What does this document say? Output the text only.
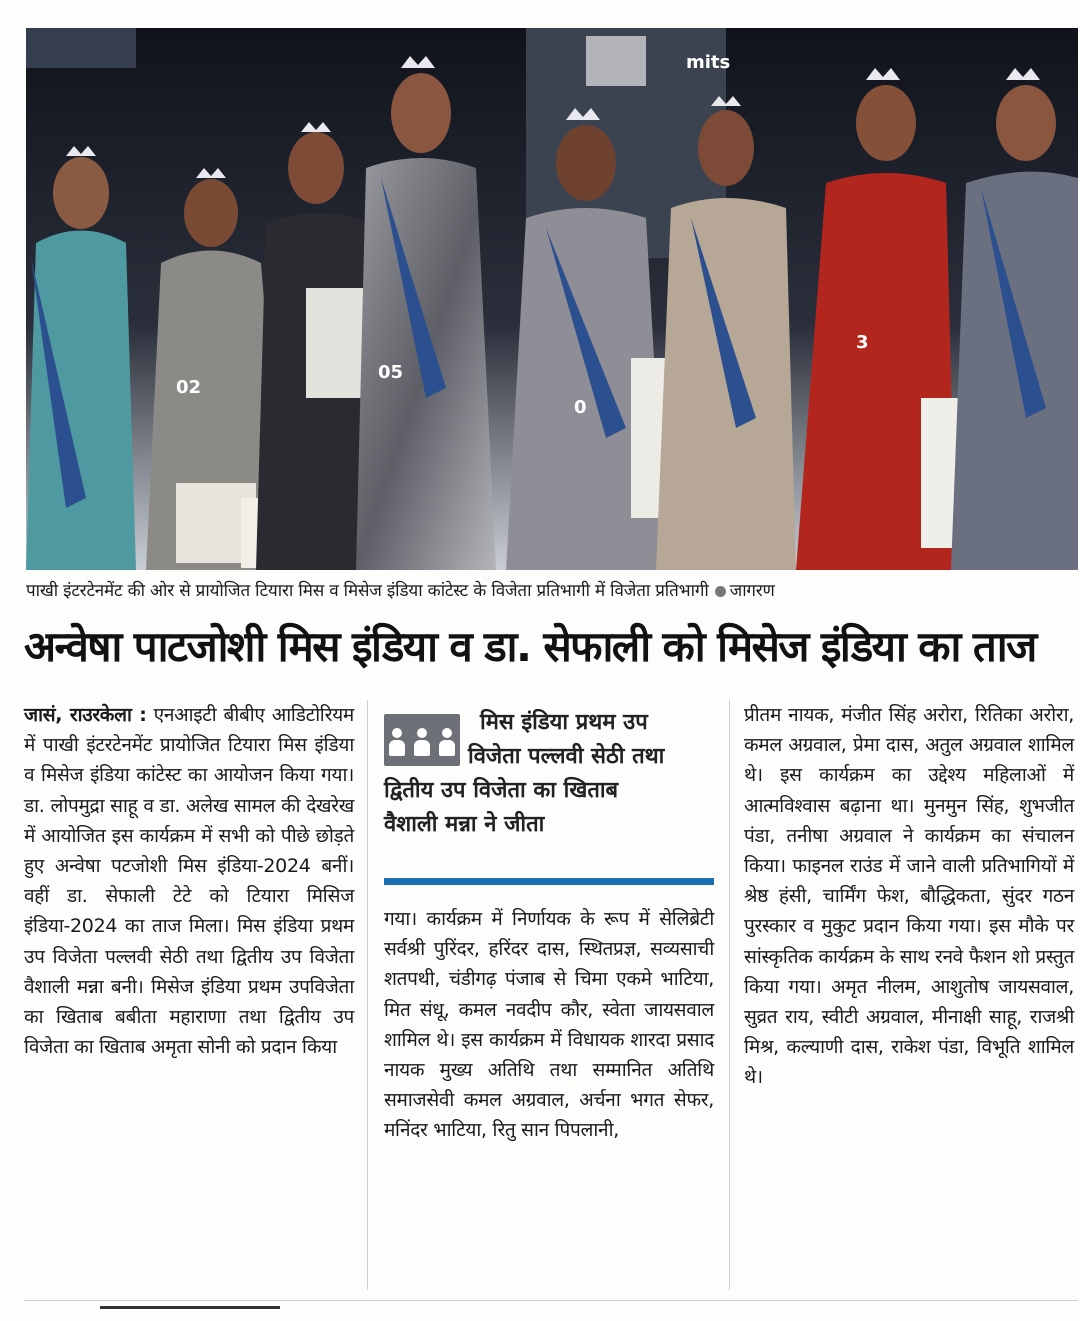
02
05
0
3
mits
पाखी इंटरटेनमेंट की ओर से प्रायोजित टियारा मिस व मिसेज इंडिया कांटेस्ट के विजेता प्रतिभागी में विजेता प्रतिभागी जागरण
अन्वेषा पाटजोशी मिस इंडिया व डा. सेफाली को मिसेज इंडिया का ताज
जासं, राउरकेला : एनआइटी बीबीए आडिटोरियम में पाखी इंटरटेनमेंट प्रायोजित टियारा मिस इंडिया व मिसेज इंडिया कांटेस्ट का आयोजन किया गया। डा. लोपमुद्रा साहू व डा. अलेख सामल की देखरेख में आयोजित इस कार्यक्रम में सभी को पीछे छोड़ते हुए अन्वेषा पटजोशी मिस इंडिया-2024 बनीं। वहीं डा. सेफाली टेटे को टियारा मिसिज इंडिया-2024 का ताज मिला। मिस इंडिया प्रथम उप विजेता पल्लवी सेठी तथा द्वितीय उप विजेता वैशाली मन्ना बनी। मिसेज इंडिया प्रथम उपविजेता का खिताब बबीता महाराणा तथा द्वितीय उप विजेता का खिताब अमृता सोनी को प्रदान किया
मिस इंडिया प्रथम उप
विजेता पल्लवी सेठी तथा
द्वितीय उप विजेता का खिताब
वैशाली मन्ना ने जीता
गया। कार्यक्रम में निर्णायक के रूप में सेलिब्रेटी सर्वश्री पुरिंदर, हरिंदर दास, स्थितप्रज्ञ, सव्यसाची शतपथी, चंडीगढ़ पंजाब से चिमा एकमे भाटिया, मित संधू, कमल नवदीप कौर, स्वेता जायसवाल शामिल थे। इस कार्यक्रम में विधायक शारदा प्रसाद नायक मुख्य अतिथि तथा सम्मानित अतिथि समाजसेवी कमल अग्रवाल, अर्चना भगत सेफर, मनिंदर भाटिया, रितु सान पिपलानी,
प्रीतम नायक, मंजीत सिंह अरोरा, रितिका अरोरा, कमल अग्रवाल, प्रेमा दास, अतुल अग्रवाल शामिल थे। इस कार्यक्रम का उद्देश्य महिलाओं में आत्मविश्वास बढ़ाना था। मुनमुन सिंह, शुभजीत पंडा, तनीषा अग्रवाल ने कार्यक्रम का संचालन किया। फाइनल राउंड में जाने वाली प्रतिभागियों में श्रेष्ठ हंसी, चार्मिंग फेश, बौद्धिकता, सुंदर गठन पुरस्कार व मुकुट प्रदान किया गया। इस मौके पर सांस्कृतिक कार्यक्रम के साथ रनवे फैशन शो प्रस्तुत किया गया। अमृत नीलम, आशुतोष जायसवाल, सुव्रत राय, स्वीटी अग्रवाल, मीनाक्षी साहू, राजश्री मिश्र, कल्याणी दास, राकेश पंडा, विभूति शामिल थे।
